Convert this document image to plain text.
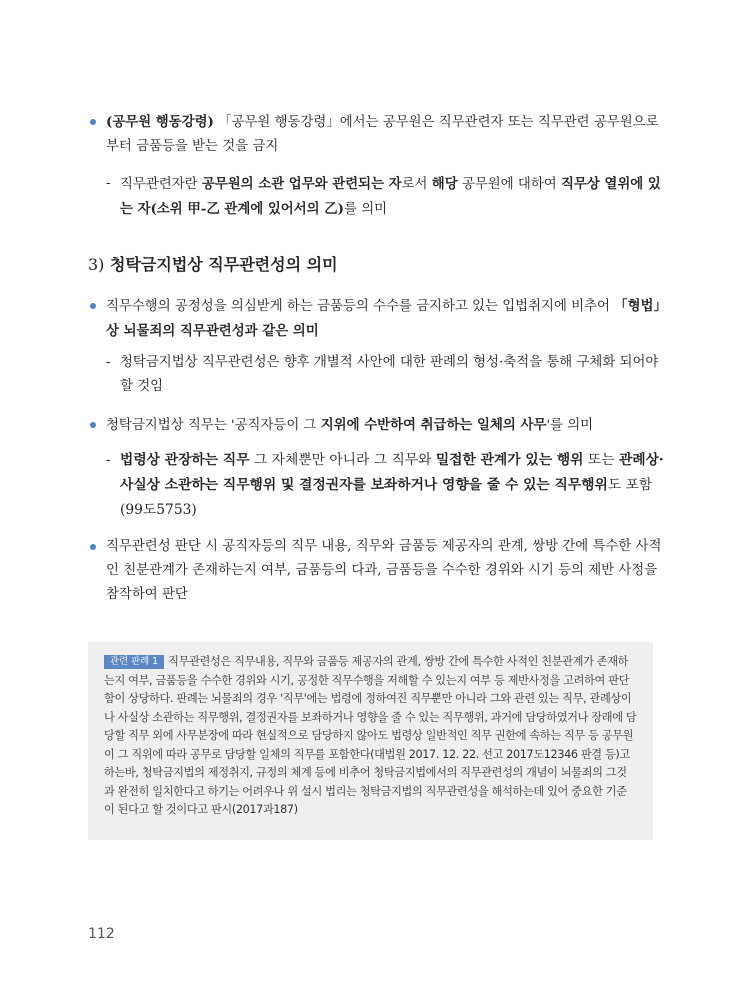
(공무원 행동강령) 「공무원 행동강령」에서는 공무원은 직무관련자 또는 직무관련 공무원으로부터 금품등을 받는 것을 금지
- 직무관련자란 공무원의 소관 업무와 관련되는 자로서 해당 공무원에 대하여 직무상 열위에 있는 자(소위 甲-乙 관계에 있어서의 乙)를 의미
3) 청탁금지법상 직무관련성의 의미
직무수행의 공정성을 의심받게 하는 금품등의 수수를 금지하고 있는 입법취지에 비추어 「형법」상 뇌물죄의 직무관련성과 같은 의미
- 청탁금지법상 직무관련성은 향후 개별적 사안에 대한 판례의 형성·축적을 통해 구체화 되어야 할 것임
청탁금지법상 직무는 '공직자등이 그 지위에 수반하여 취급하는 일체의 사무'를 의미
- 법령상 관장하는 직무 그 자체뿐만 아니라 그 직무와 밀접한 관계가 있는 행위 또는 관례상·사실상 소관하는 직무행위 및 결정권자를 보좌하거나 영향을 줄 수 있는 직무행위도 포함 (99도5753)
직무관련성 판단 시 공직자등의 직무 내용, 직무와 금품등 제공자의 관계, 쌍방 간에 특수한 사적인 친분관계가 존재하는지 여부, 금품등의 다과, 금품등을 수수한 경위와 시기 등의 제반 사정을 참작하여 판단
관련 판례 1 직무관련성은 직무내용, 직무와 금품등 제공자의 관계, 쌍방 간에 특수한 사적인 친분관계가 존재하는지 여부, 금품등을 수수한 경위와 시기, 공정한 직무수행을 저해할 수 있는지 여부 등 제반사정을 고려하여 판단함이 상당하다. 판례는 뇌물죄의 경우 '직무'에는 법령에 정하여진 직무뿐만 아니라 그와 관련 있는 직무, 관례상이나 사실상 소관하는 직무행위, 결정권자를 보좌하거나 영향을 줄 수 있는 직무행위, 과거에 담당하였거나 장래에 담당할 직무 외에 사무분장에 따라 현실적으로 담당하지 않아도 법령상 일반적인 직무 권한에 속하는 직무 등 공무원이 그 직위에 따라 공무로 담당할 일체의 직무를 포함한다(대법원 2017. 12. 22. 선고 2017도12346 판결 등)고 하는바, 청탁금지법의 제정취지, 규정의 체계 등에 비추어 청탁금지법에서의 직무관련성의 개념이 뇌물죄의 그것과 완전히 일치한다고 하기는 어려우나 위 설시 법리는 청탁금지법의 직무관련성을 해석하는데 있어 중요한 기준이 된다고 할 것이다고 판시(2017과187)
112
